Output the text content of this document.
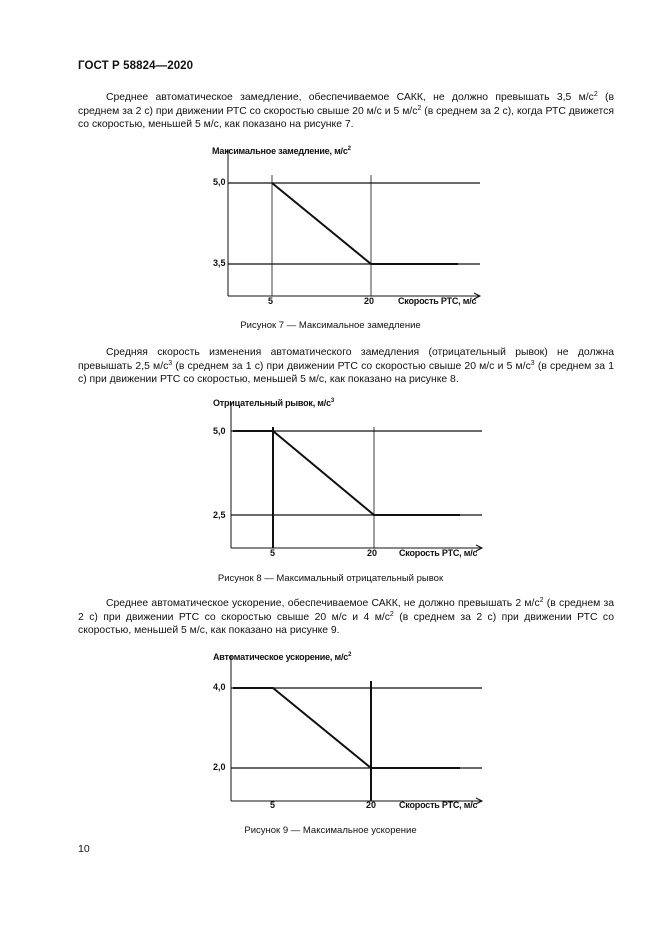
ГОСТ Р 58824—2020

Среднее автоматическое замедление, обеспечиваемое САКК, не должно превышать 3,5 $м/с^2$ (в среднем за 2 с) при движении РТС со скоростью свыше 20 м/с и 5 $м/с^2$ (в среднем за 2 с), когда РТС движется со скоростью, меньшей 5 м/с, как показано на рисунке 7.

Максимальное замедление, $м/с^2$
5,0
3,5
5	20	Скорость РТС, м/с
Рисунок 7 — Максимальное замедление

Средняя скорость изменения автоматического замедления (отрицательный рывок) не должна превышать 2,5 $м/с^3$ (в среднем за 1 с) при движении РТС со скоростью свыше 20 м/с и 5 $м/с^3$ (в среднем за 1 с) при движении РТС со скоростью, меньшей 5 м/с, как показано на рисунке 8.

Отрицательный рывок, $м/с^3$
5,0
2,5
5	20 Скорость РТС, м/с
Рисунок 8 — Максимальный отрицательный рывок

Среднее автоматическое ускорение, обеспечиваемое САКК, не должно превышать 2 $м/с^2$ (в среднем за 2 с) при движении РТС со скоростью свыше 20 м/с и 4 $м/с^2$ (в среднем за 2 с) при движении РТС со скоростью, меньшей 5 м/с, как показано на рисунке 9.

Автоматическое ускорение, $м/с^2$
4,0
2,0
5	20	Скорость РТС, м/с
Рисунок 9 — Максимальное ускорение
10
